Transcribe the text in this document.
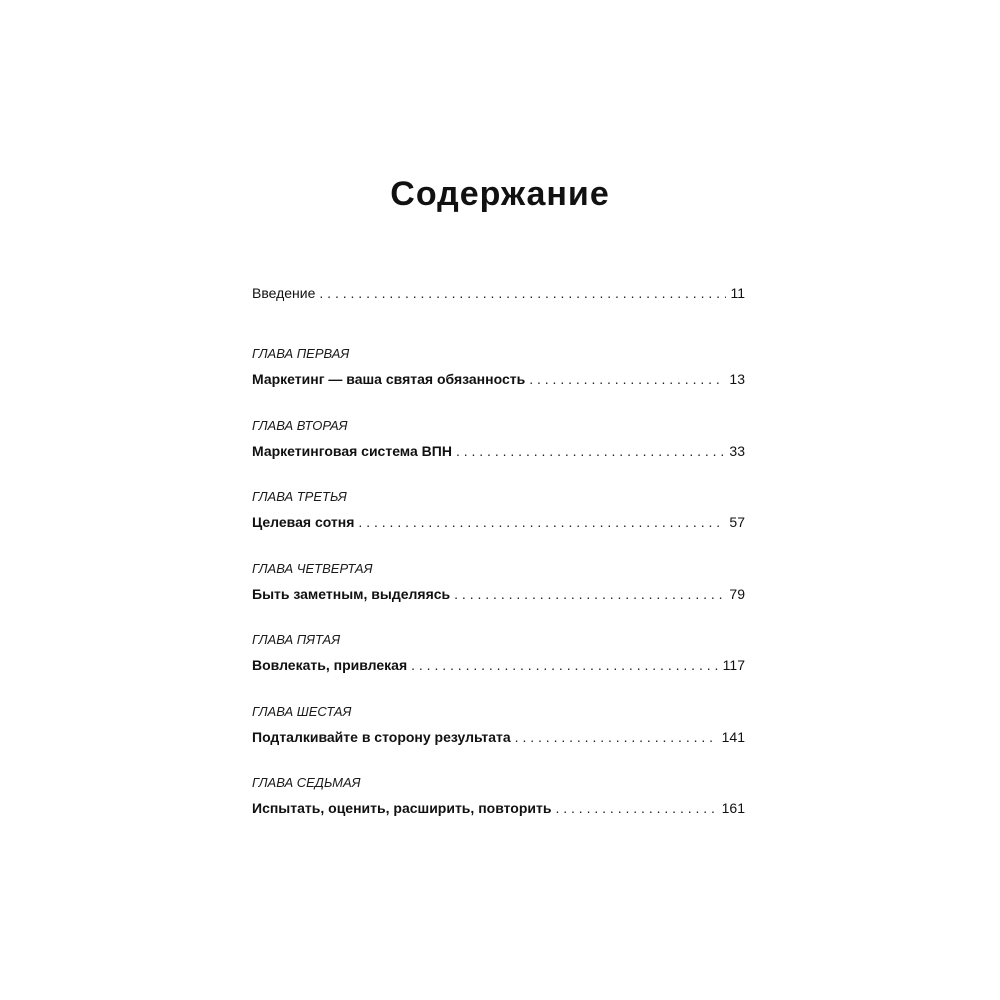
Содержание
Введение . . .	11
ГЛАВА ПЕРВАЯ
Маркетинг — ваша святая обязанность . . .	13
ГЛАВА ВТОРАЯ
Маркетинговая система ВПН . . .	33
ГЛАВА ТРЕТЬЯ
Целевая сотня . . .	57
ГЛАВА ЧЕТВЕРТАЯ
Быть заметным, выделяясь . . .	79
ГЛАВА ПЯТАЯ
Вовлекать, привлекая . . .	117
ГЛАВА ШЕСТАЯ
Подталкивайте в сторону результата . . .	141
ГЛАВА СЕДЬМАЯ
Испытать, оценить, расширить, повторить . . .	161
